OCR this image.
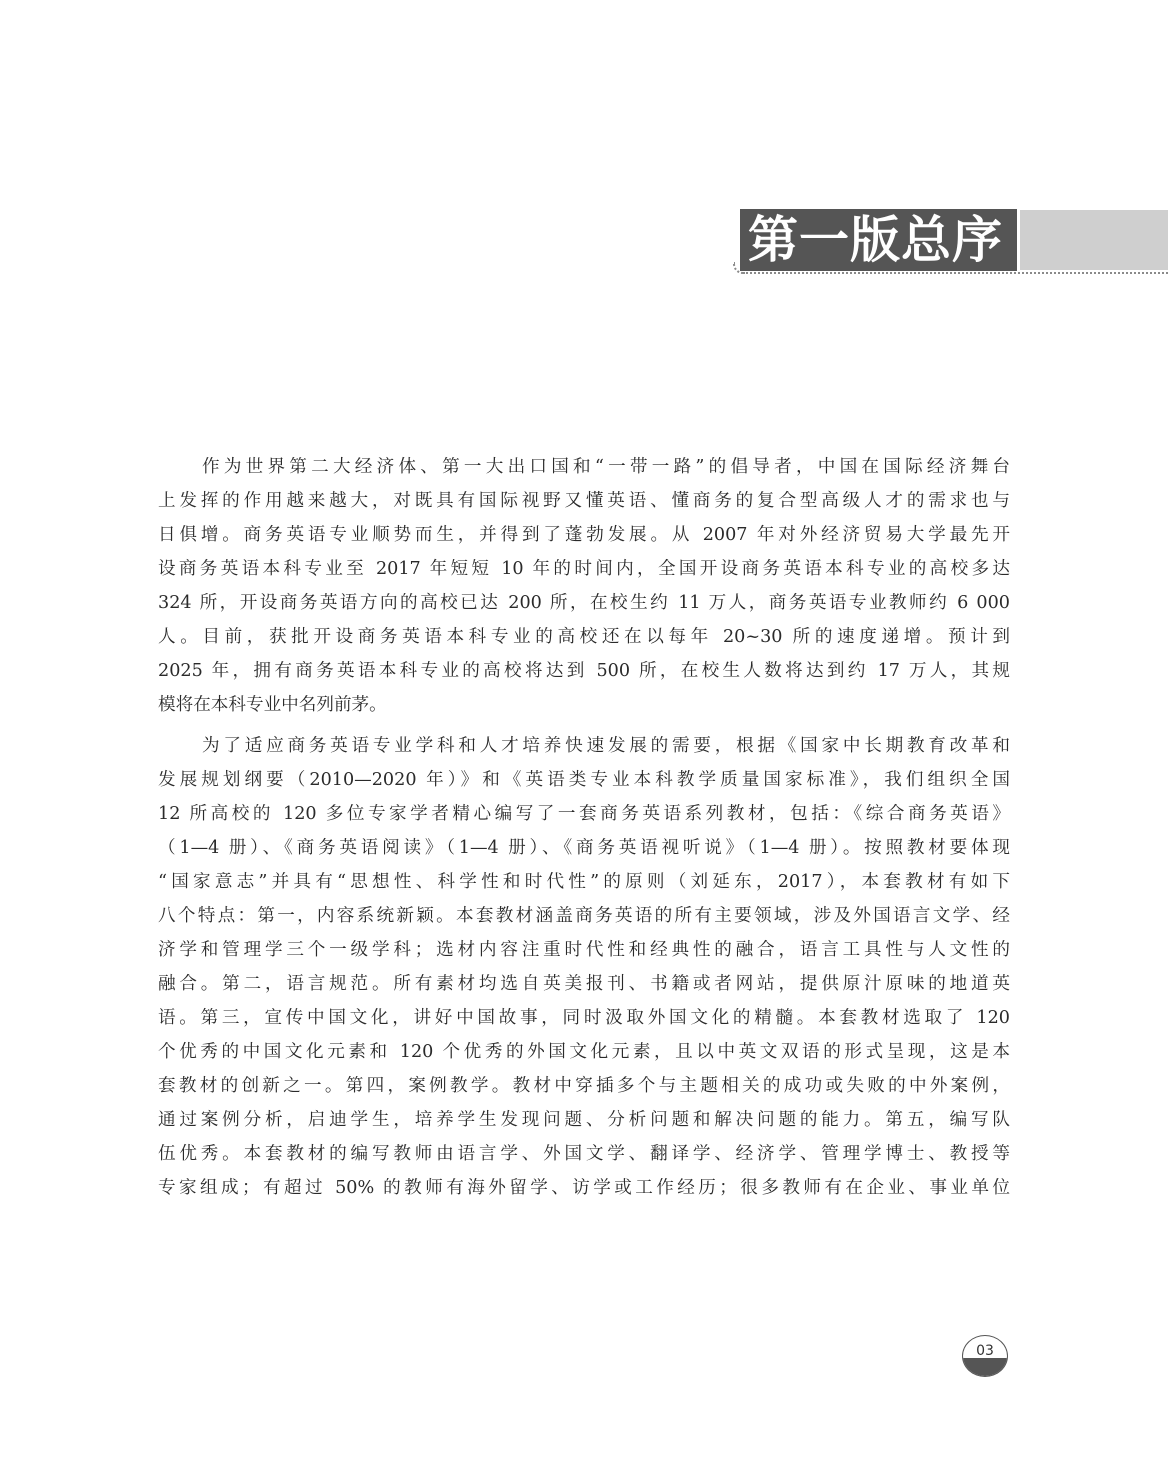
第一版总序
作为世界第二大经济体、第一大出口国和“一带一路”的倡导者，中国在国际经济舞台
上发挥的作用越来越大，对既具有国际视野又懂英语、懂商务的复合型高级人才的需求也与
日俱增。商务英语专业顺势而生，并得到了蓬勃发展。从 2007 年对外经济贸易大学最先开
设商务英语本科专业至 2017 年短短 10 年的时间内，全国开设商务英语本科专业的高校多达
324 所，开设商务英语方向的高校已达 200 所，在校生约 11 万人，商务英语专业教师约 6 000
人。目前，获批开设商务英语本科专业的高校还在以每年 20~30 所的速度递增。预计到
2025 年，拥有商务英语本科专业的高校将达到 500 所，在校生人数将达到约 17 万人，其规
模将在本科专业中名列前茅。
为了适应商务英语专业学科和人才培养快速发展的需要，根据《国家中长期教育改革和
发展规划纲要（2010—2020 年）》和《英语类专业本科教学质量国家标准》，我们组织全国
12 所高校的 120 多位专家学者精心编写了一套商务英语系列教材，包括：《综合商务英语》
（1—4 册）、《商务英语阅读》（1—4 册）、《商务英语视听说》（1—4 册）。按照教材要体现
“国家意志”并具有“思想性、科学性和时代性”的原则（刘延东，2017），本套教材有如下
八个特点：第一，内容系统新颖。本套教材涵盖商务英语的所有主要领域，涉及外国语言文学、经
济学和管理学三个一级学科；选材内容注重时代性和经典性的融合，语言工具性与人文性的
融合。第二，语言规范。所有素材均选自英美报刊、书籍或者网站，提供原汁原味的地道英
语。第三，宣传中国文化，讲好中国故事，同时汲取外国文化的精髓。本套教材选取了 120
个优秀的中国文化元素和 120 个优秀的外国文化元素，且以中英文双语的形式呈现，这是本
套教材的创新之一。第四，案例教学。教材中穿插多个与主题相关的成功或失败的中外案例，
通过案例分析，启迪学生，培养学生发现问题、分析问题和解决问题的能力。第五，编写队
伍优秀。本套教材的编写教师由语言学、外国文学、翻译学、经济学、管理学博士、教授等
专家组成；有超过 50% 的教师有海外留学、访学或工作经历；很多教师有在企业、事业单位
03
